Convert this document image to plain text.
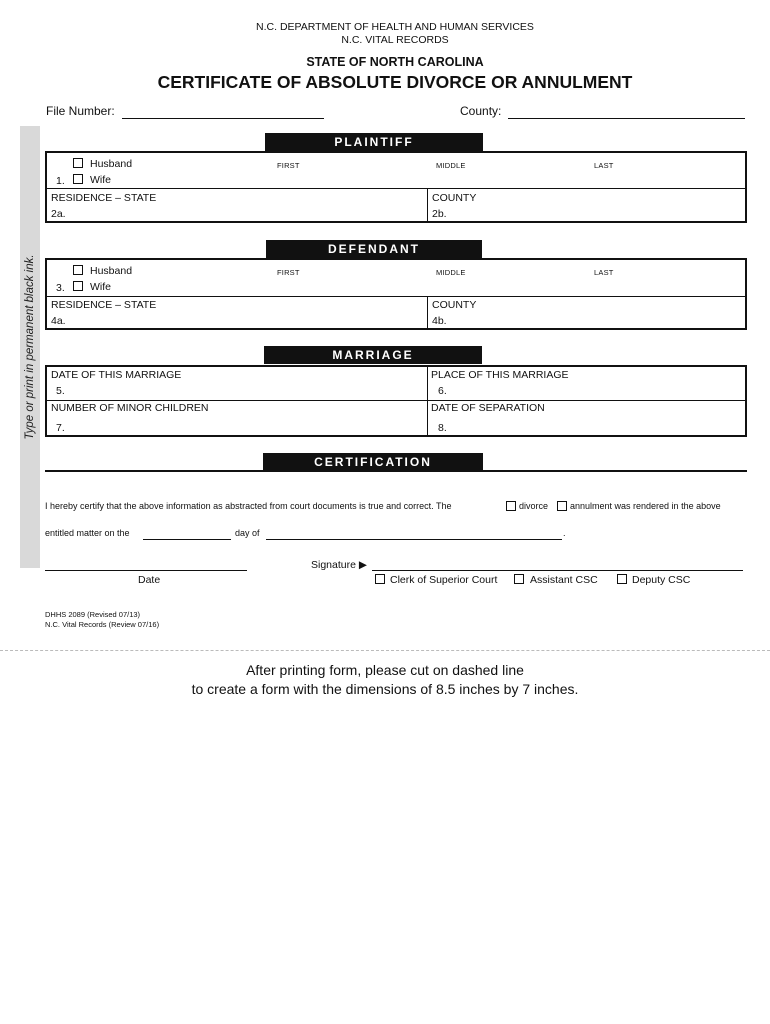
Type or print in permanent black ink.
N.C. DEPARTMENT OF HEALTH AND HUMAN SERVICES
N.C. VITAL RECORDS
STATE OF NORTH CAROLINA
CERTIFICATE OF ABSOLUTE DIVORCE OR ANNULMENT
File Number:	County:
PLAINTIFF
Husband
1. Wife
FIRST	MIDDLE	LAST
RESIDENCE – STATE
2a.
COUNTY
2b.
DEFENDANT
Husband
3. Wife
FIRST	MIDDLE	LAST
RESIDENCE – STATE
4a.
COUNTY
4b.
MARRIAGE
DATE OF THIS MARRIAGE
5.
PLACE OF THIS MARRIAGE
6.
NUMBER OF MINOR CHILDREN
7.
DATE OF SEPARATION
8.
CERTIFICATION
I hereby certify that the above information as abstracted from court documents is true and correct. The	divorce annulment was rendered in the above
entitled matter on the	day of	.
Date
Signature ▶
Clerk of Superior Court	Assistant CSC	Deputy CSC
DHHS 2089 (Revised 07/13)
N.C. Vital Records (Review 07/16)
After printing form, please cut on dashed line
to create a form with the dimensions of 8.5 inches by 7 inches.
